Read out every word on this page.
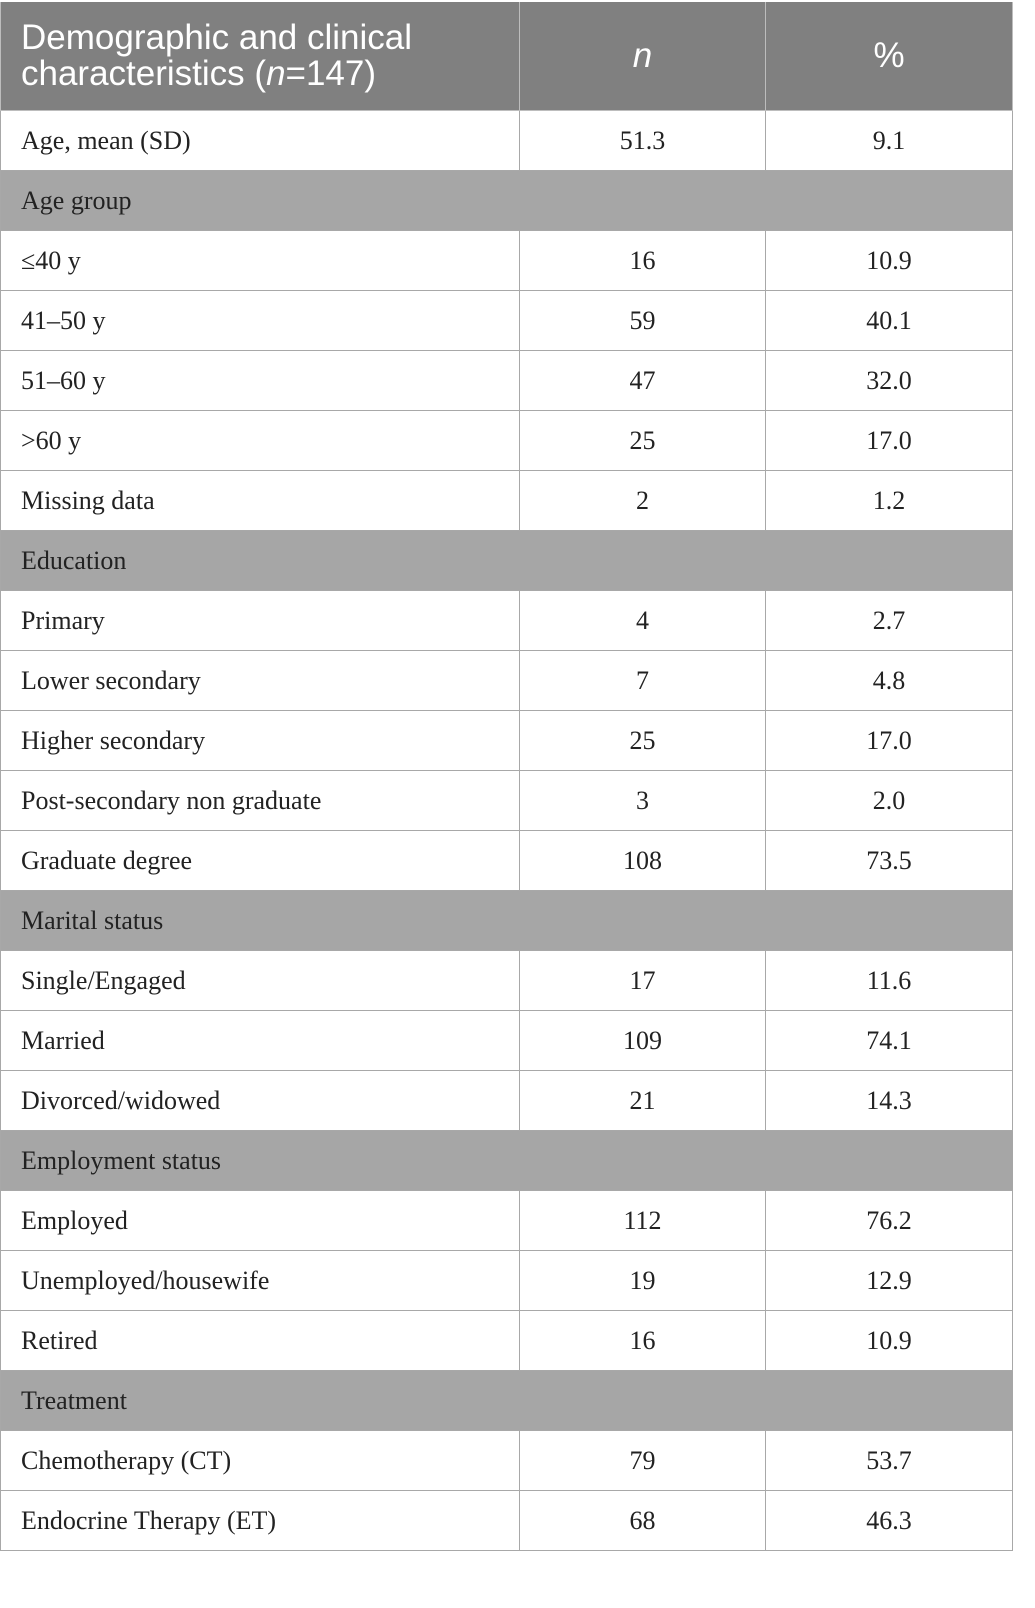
Demographic and clinical
characteristics (n=147)	n	%
Age, mean (SD)	51.3	9.1
Age group		
≤40 y	16	10.9
41–50 y	59	40.1
51–60 y	47	32.0
>60 y	25	17.0
Missing data	2	1.2
Education		
Primary	4	2.7
Lower secondary	7	4.8
Higher secondary	25	17.0
Post-secondary non graduate	3	2.0
Graduate degree	108	73.5
Marital status		
Single/Engaged	17	11.6
Married	109	74.1
Divorced/widowed	21	14.3
Employment status		
Employed	112	76.2
Unemployed/housewife	19	12.9
Retired	16	10.9
Treatment		
Chemotherapy (CT)	79	53.7
Endocrine Therapy (ET)	68	46.3
